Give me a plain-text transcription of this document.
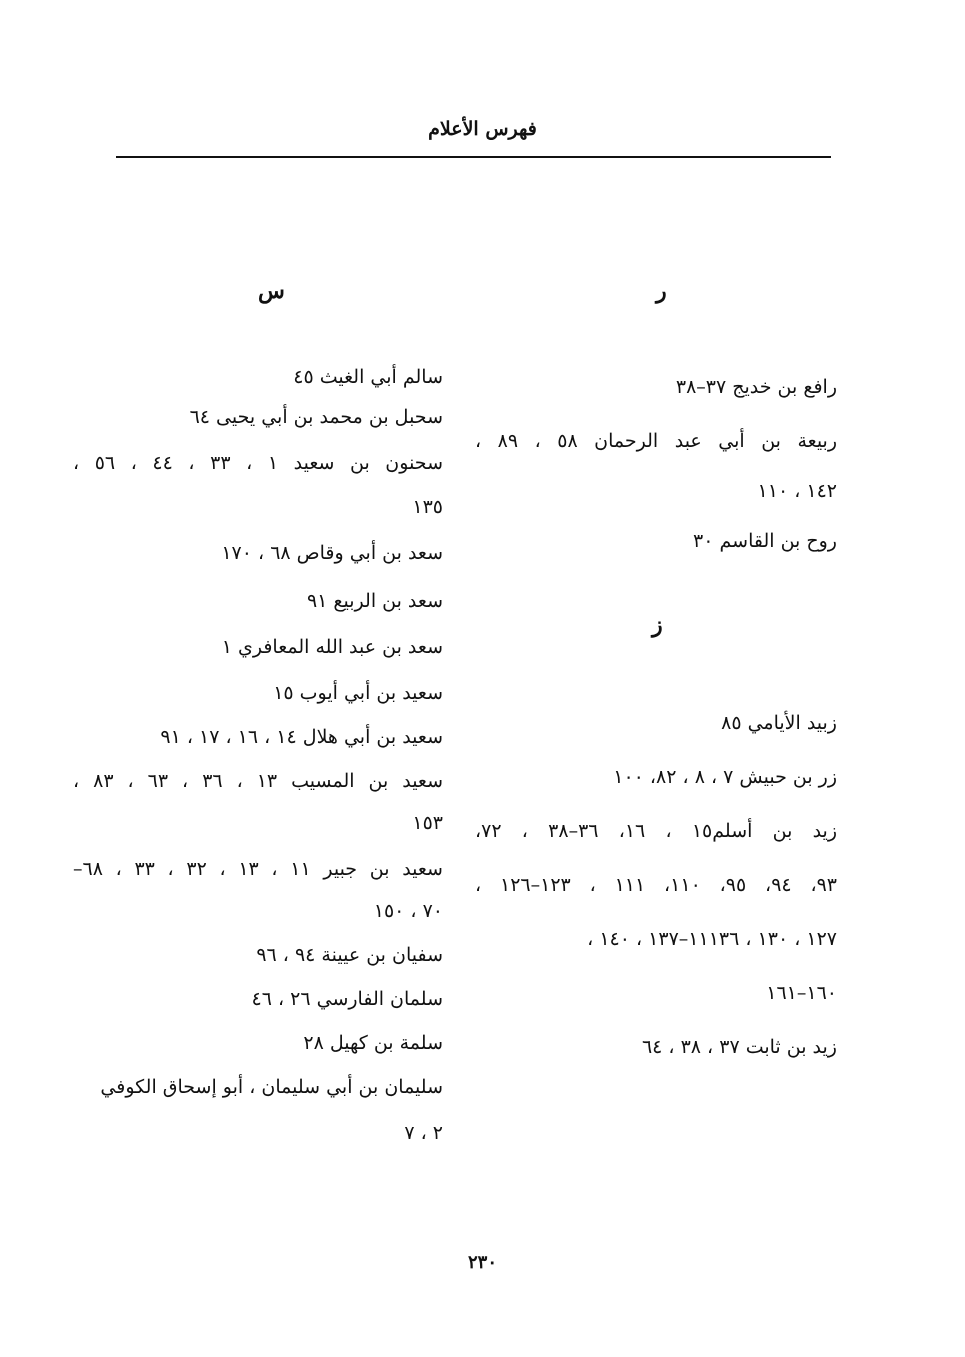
فهرس الأعلام
ر
رافع بن خديج ٣٧–٣٨
ربيعة بن أبي عبد الرحمان ٥٨ ، ٨٩ ،
١٤٢ ، ١١٠
روح بن القاسم ٣٠
زبيد الأيامي ٨٥
زر بن حبيش ٧ ، ٨ ، ٨٢، ١٠٠
زيد بن أسلم١٥ ، ١٦، ٣٦–٣٨ ، ٧٢،
٩٣، ٩٤، ٩٥، ١١٠، ١١١ ، ١٢٣–١٢٦ ،
١٢٧ ، ١٣٠ ، ١١١٣٦–١٣٧ ، ١٤٠ ،
١٦٠–١٦١
زيد بن ثابت ٣٧ ، ٣٨ ، ٦٤
ز
س
سالم أبي الغيث ٤٥
سحبل بن محمد بن أبي يحيى ٦٤
سحنون بن سعيد ١ ، ٣٣ ، ٤٤ ، ٥٦ ،
١٣٥
سعد بن أبي وقاص ٦٨ ، ١٧٠
سعد بن الربيع ٩١
سعد بن عبد الله المعافري ١
سعيد بن أبي أيوب ١٥
سعيد بن أبي هلال ١٤ ، ١٦ ، ١٧ ، ٩١
سعيد بن المسيب ١٣ ، ٣٦ ، ٦٣ ، ٨٣ ،
١٥٣
سعيد بن جبير ١١ ، ١٣ ، ٣٢ ، ٣٣ ، ٦٨–
٧٠ ، ١٥٠
سفيان بن عيينة ٩٤ ، ٩٦
سلمان الفارسي ٢٦ ، ٤٦
سلمة بن كهيل ٢٨
سليمان بن أبي سليمان ، أبو إسحاق الكوفي
٢ ، ٧
٢٣٠
